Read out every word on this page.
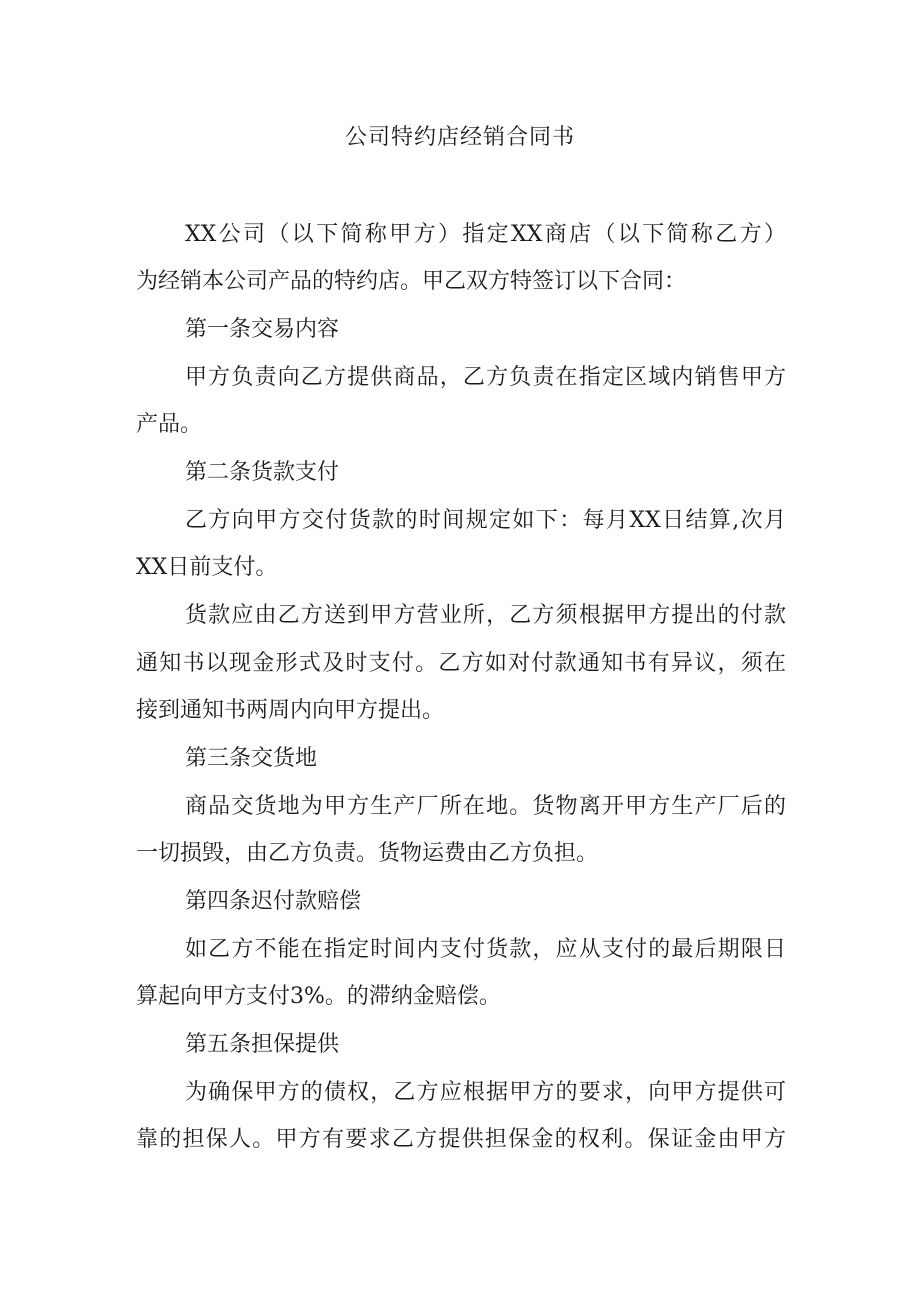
公司特约店经销合同书

XX公司（以下简称甲方）指定XX商店（以下简称乙方）

为经销本公司产品的特约店。甲乙双方特签订以下合同：

第一条交易内容

甲方负责向乙方提供商品，乙方负责在指定区域内销售甲方

产品。

第二条货款支付

乙方向甲方交付货款的时间规定如下：每月XX日结算,次月

XX日前支付。

货款应由乙方送到甲方营业所，乙方须根据甲方提出的付款

通知书以现金形式及时支付。乙方如对付款通知书有异议，须在

接到通知书两周内向甲方提出。

第三条交货地

商品交货地为甲方生产厂所在地。货物离开甲方生产厂后的

一切损毁，由乙方负责。货物运费由乙方负担。

第四条迟付款赔偿

如乙方不能在指定时间内支付货款，应从支付的最后期限日

算起向甲方支付3%。的滞纳金赔偿。

第五条担保提供

为确保甲方的债权，乙方应根据甲方的要求，向甲方提供可

靠的担保人。甲方有要求乙方提供担保金的权利。保证金由甲方
